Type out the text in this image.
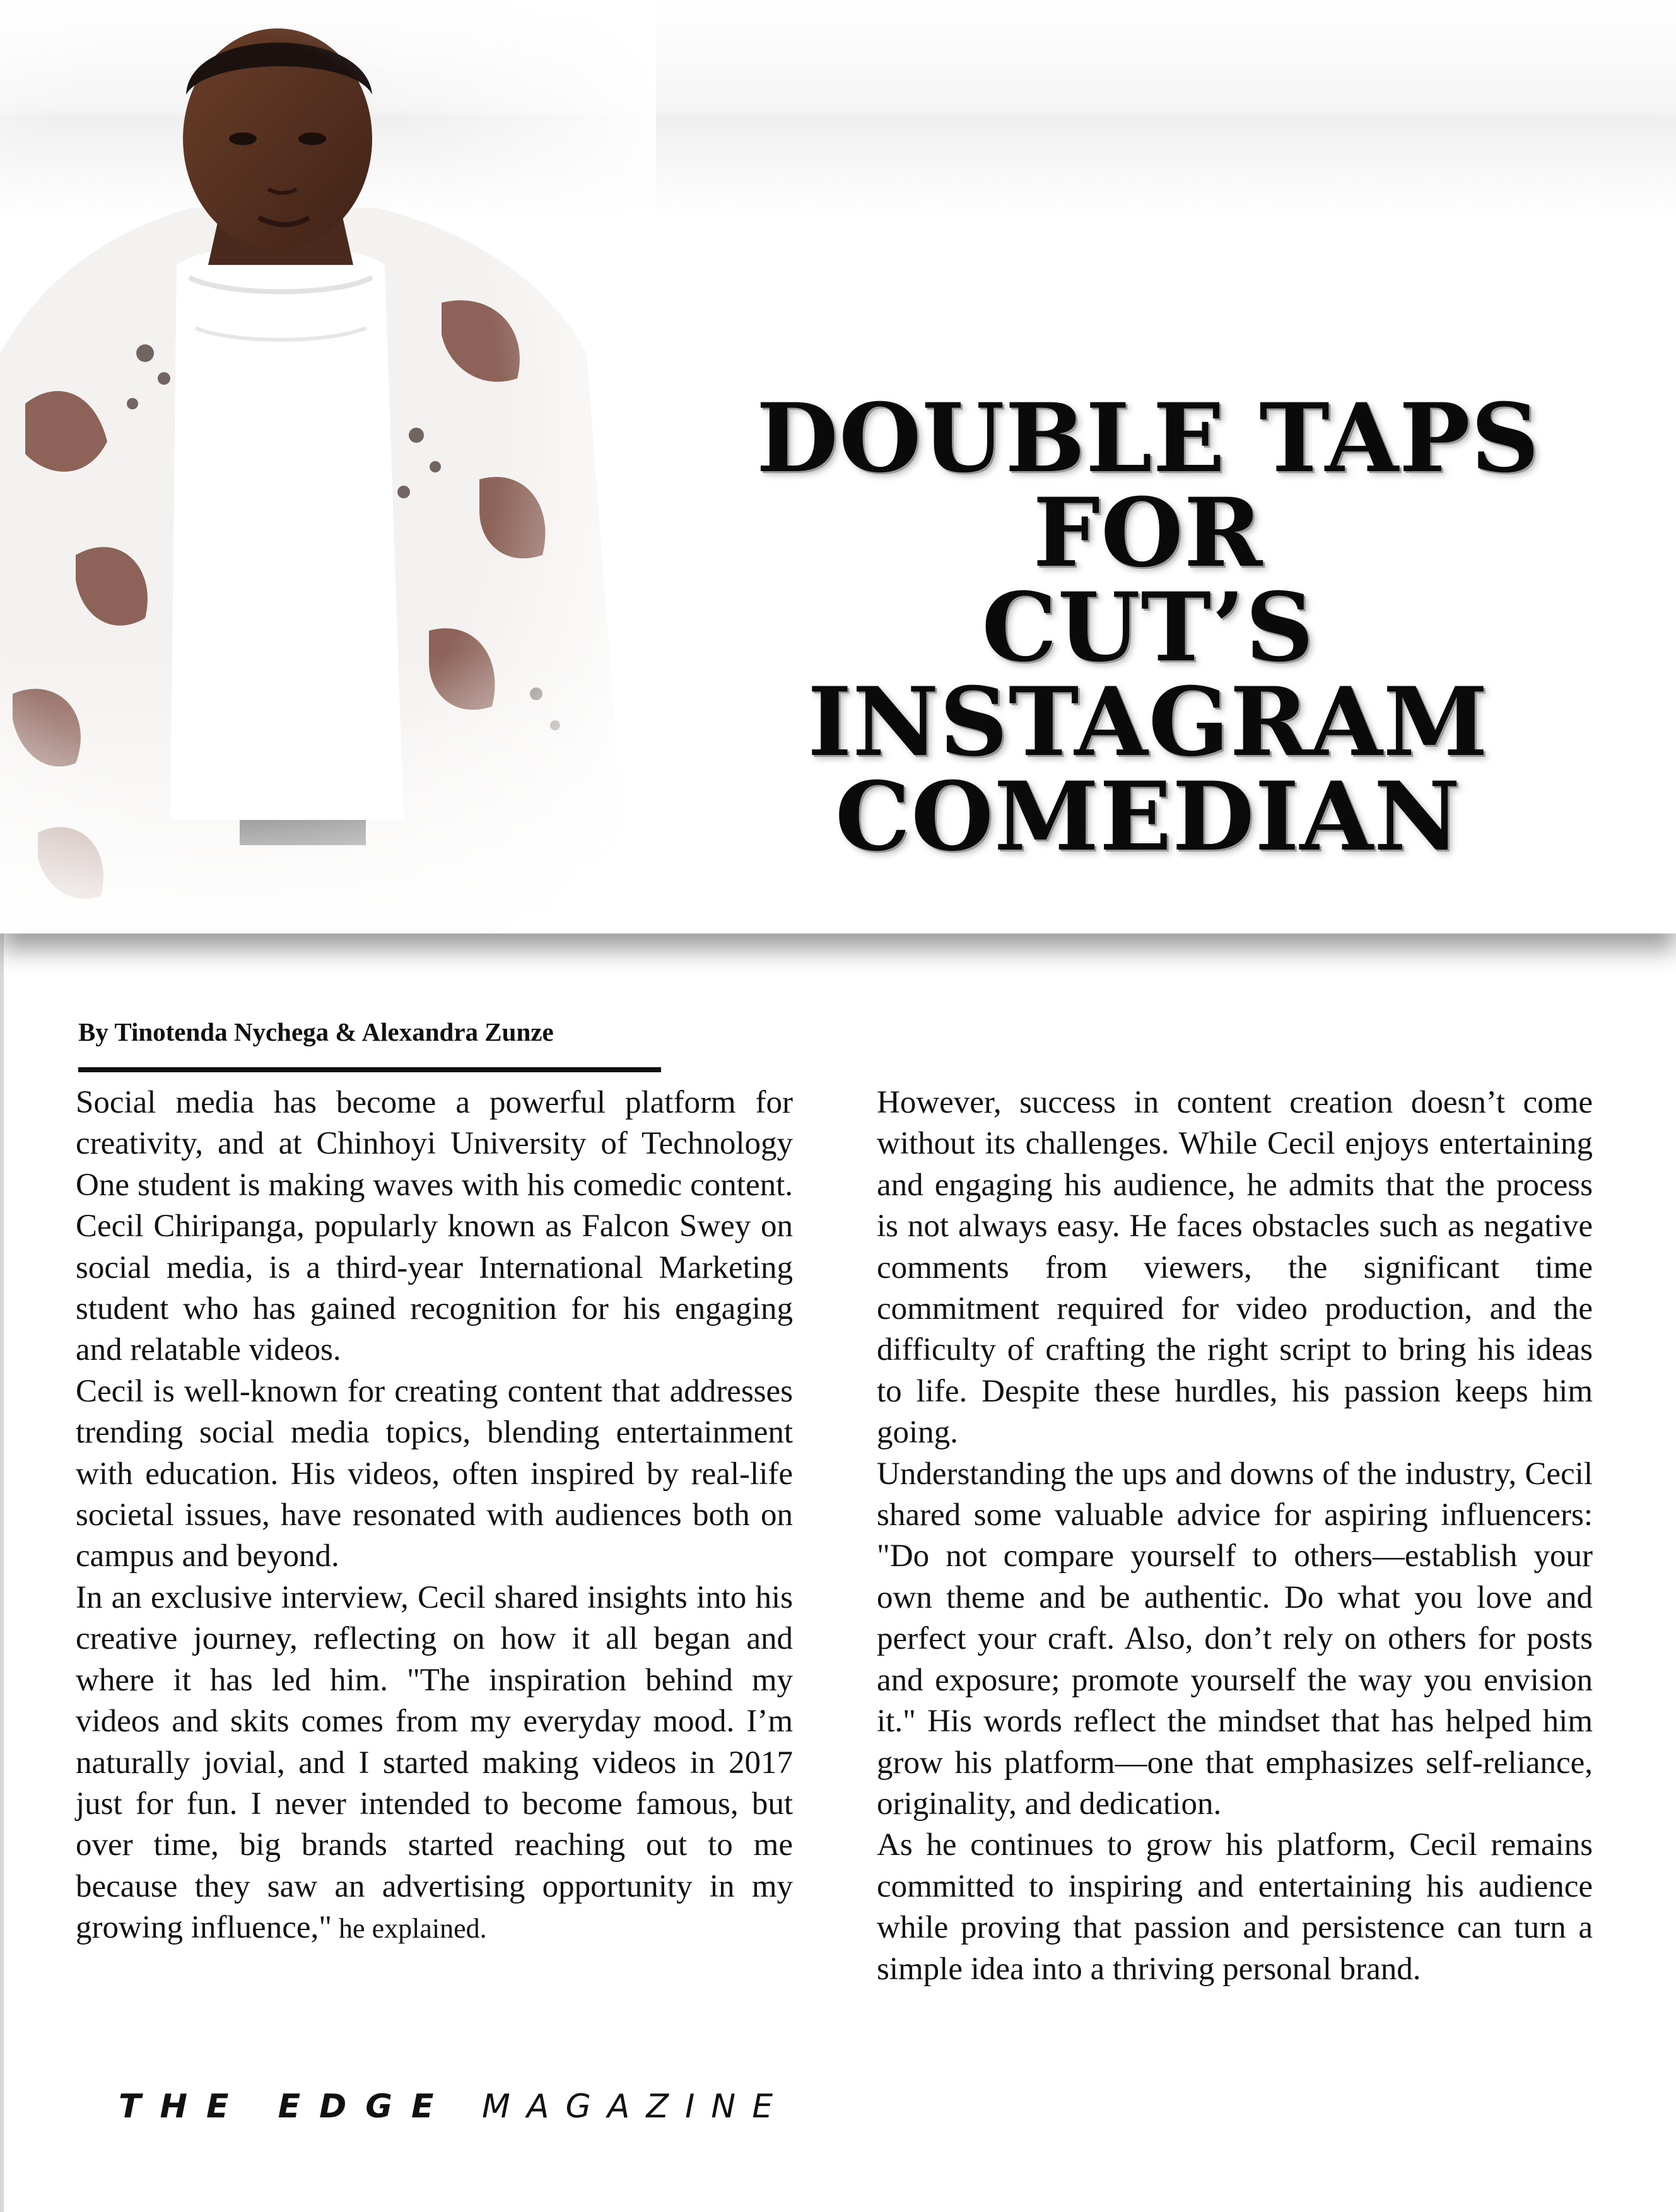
DOUBLE TAPS FOR
CUT’S INSTAGRAM
COMEDIAN
By Tinotenda Nychega & Alexandra Zunze

Social media has become a powerful platform for creativity, and at Chinhoyi University of Technology One student is making waves with his comedic content. Cecil Chiripanga, popularly known as Falcon Swey on social media, is a third-year International Marketing student who has gained recognition for his engaging and relatable videos.

Cecil is well-known for creating content that addresses trending social media topics, blending entertainment with education. His videos, often inspired by real-life societal issues, have resonated with audiences both on campus and beyond.

In an exclusive interview, Cecil shared insights into his creative journey, reflecting on how it all began and where it has led him. "The inspiration behind my videos and skits comes from my everyday mood. I’m naturally jovial, and I started making videos in 2017 just for fun. I never intended to become famous, but over time, big brands started reaching out to me because they saw an advertising opportunity in my growing influence," he explained.

However, success in content creation doesn’t come without its challenges. While Cecil enjoys entertaining and engaging his audience, he admits that the process is not always easy. He faces obstacles such as negative comments from viewers, the significant time commitment required for video production, and the difficulty of crafting the right script to bring his ideas to life. Despite these hurdles, his passion keeps him going.

Understanding the ups and downs of the industry, Cecil shared some valuable advice for aspiring influencers: "Do not compare yourself to others—establish your own theme and be authentic. Do what you love and perfect your craft. Also, don’t rely on others for posts and exposure; promote yourself the way you envision it." His words reflect the mindset that has helped him grow his platform—one that emphasizes self-reliance, originality, and dedication.

As he continues to grow his platform, Cecil remains committed to inspiring and entertaining his audience while proving that passion and persistence can turn a simple idea into a thriving personal brand.

THE EDGE MAGAZINE
